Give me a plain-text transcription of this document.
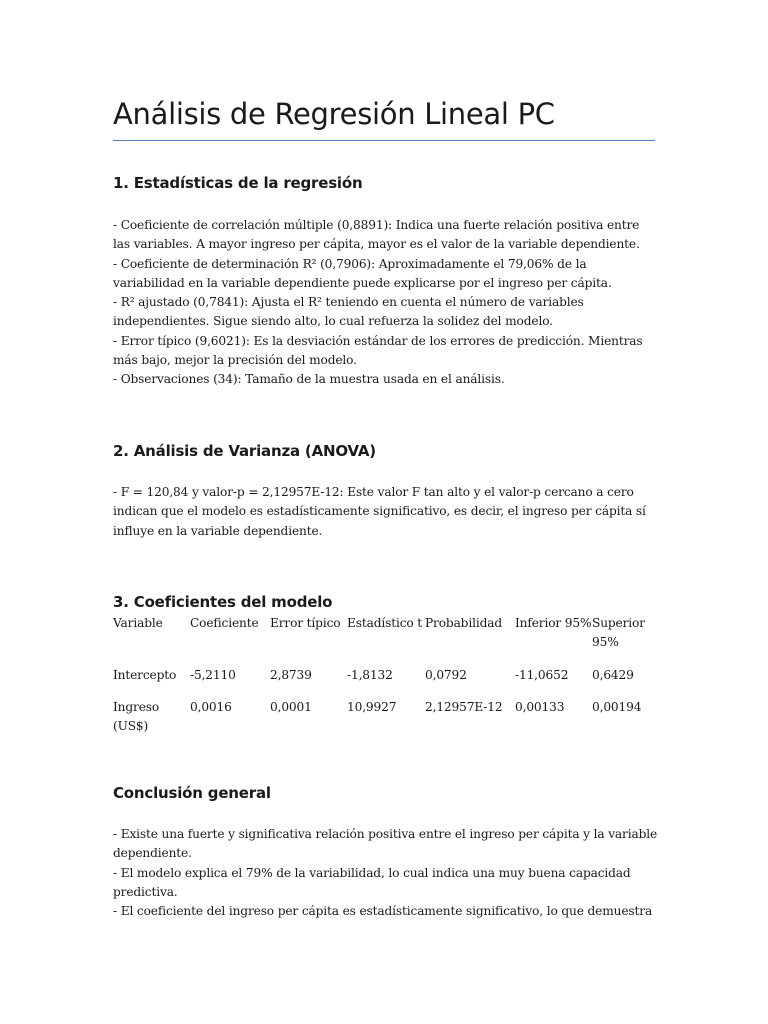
Análisis de Regresión Lineal PC
1. Estadísticas de la regresión

- Coeficiente de correlación múltiple (0,8891): Indica una fuerte relación positiva entre las variables. A mayor ingreso per cápita, mayor es el valor de la variable dependiente.

- Coeficiente de determinación R² (0,7906): Aproximadamente el 79,06% de la variabilidad en la variable dependiente puede explicarse por el ingreso per cápita.

- R² ajustado (0,7841): Ajusta el R² teniendo en cuenta el número de variables independientes. Sigue siendo alto, lo cual refuerza la solidez del modelo.

- Error típico (9,6021): Es la desviación estándar de los errores de predicción. Mientras más bajo, mejor la precisión del modelo.

- Observaciones (34): Tamaño de la muestra usada en el análisis.

2. Análisis de Varianza (ANOVA)

- F = 120,84 y valor-p = 2,12957E-12: Este valor F tan alto y el valor-p cercano a cero indican que el modelo es estadísticamente significativo, es decir, el ingreso per cápita sí influye en la variable dependiente.

3. Coeficientes del modelo
Variable	Coeficiente	Error típico	Estadístico t	Probabilidad	Inferior 95%	Superior 95%

Intercepto	-5,2110	2,8739	-1,8132	0,0792	-11,0652	0,6429
Ingreso (US$)	0,0016	0,0001	10,9927	2,12957E-12	0,00133	0,00194
Conclusión general

- Existe una fuerte y significativa relación positiva entre el ingreso per cápita y la variable dependiente.

- El modelo explica el 79% de la variabilidad, lo cual indica una muy buena capacidad predictiva.

- El coeficiente del ingreso per cápita es estadísticamente significativo, lo que demuestra
